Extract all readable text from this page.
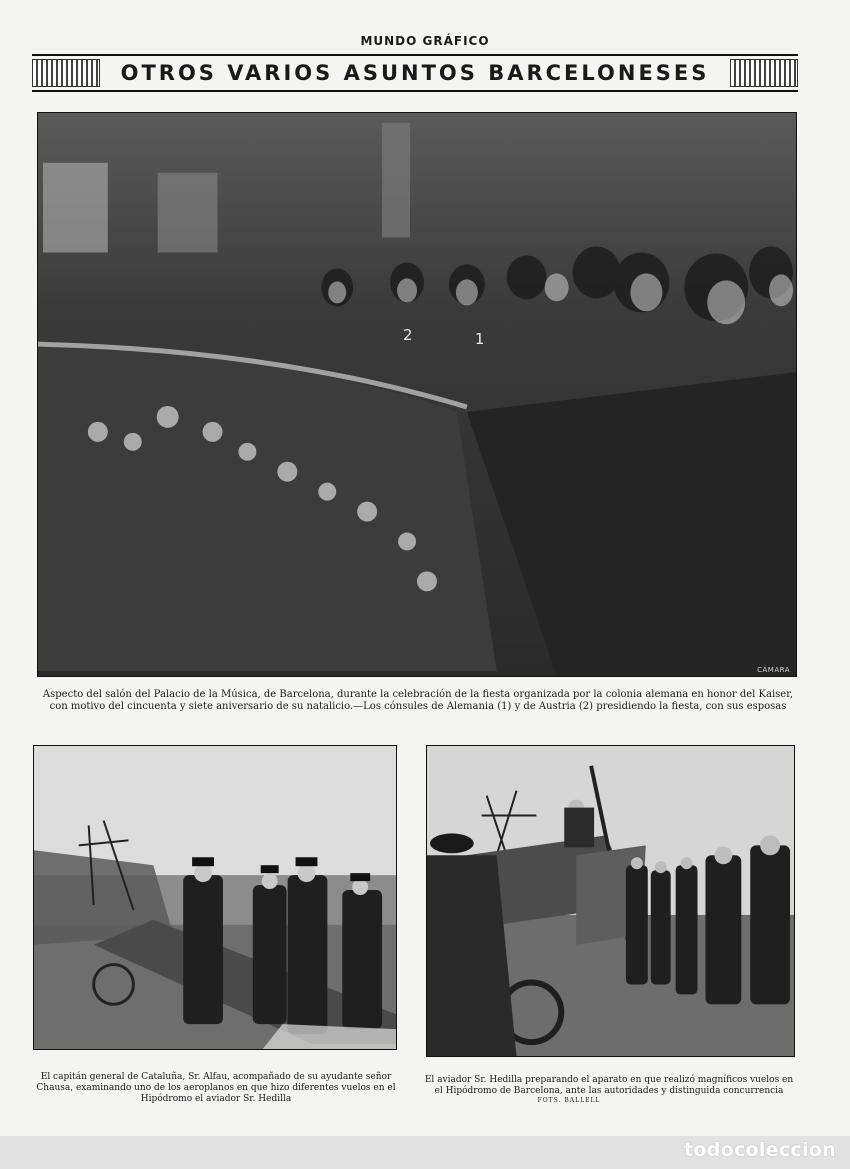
MUNDO GRÁFICO
OTROS VARIOS ASUNTOS BARCELONESES
2	1
CÁMARA
Aspecto del salón del Palacio de la Música, de Barcelona, durante la celebración de la fiesta organizada por la colonia alemana en honor del Kaiser, con motivo del cincuenta y siete aniversario de su natalicio.—Los cónsules de Alemania (1) y de Austria (2) presidiendo la fiesta, con sus esposas
El capitán general de Cataluña, Sr. Alfau, acompañado de su ayudante señor Chausa, examinando uno de los aeroplanos en que hizo diferentes vuelos en el Hipódromo el aviador Sr. Hedilla
El aviador Sr. Hedilla preparando el aparato en que realizó magníficos vuelos en el Hipódromo de Barcelona, ante las autoridades y distinguida concurrencia
FOTS. BALLELL
todocoleccion
